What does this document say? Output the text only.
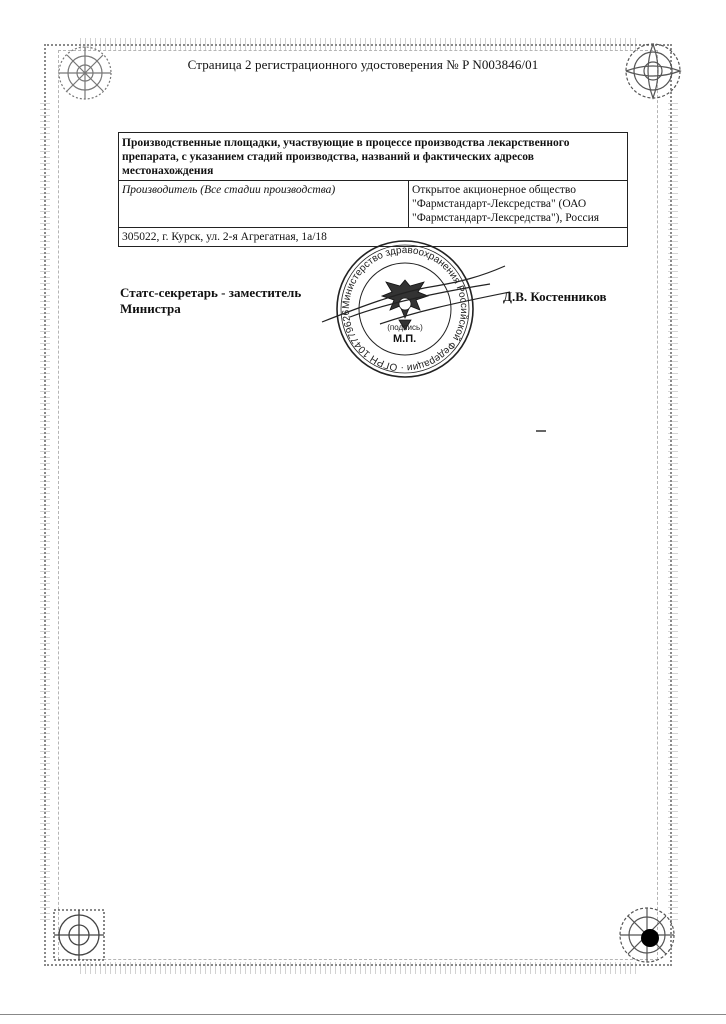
Страница 2 регистрационного удостоверения № P N003846/01
Производственные площадки, участвующие в процессе производства лекарственного препарата, с указанием стадий производства, названий и фактических адресов местонахождения
Производитель (Все стадии производства)	Открытое акционерное общество "Фармстандарт-Лексредства" (ОАО "Фармстандарт-Лексредства"), Россия
305022, г. Курск, ул. 2-я Агрегатная, 1а/18
Статс-секретарь - заместитель
Министра	Министерство здравоохранения Российской Федерации · ОГРН 104779626
(подпись)
М.П.
Д.В. Костенников
